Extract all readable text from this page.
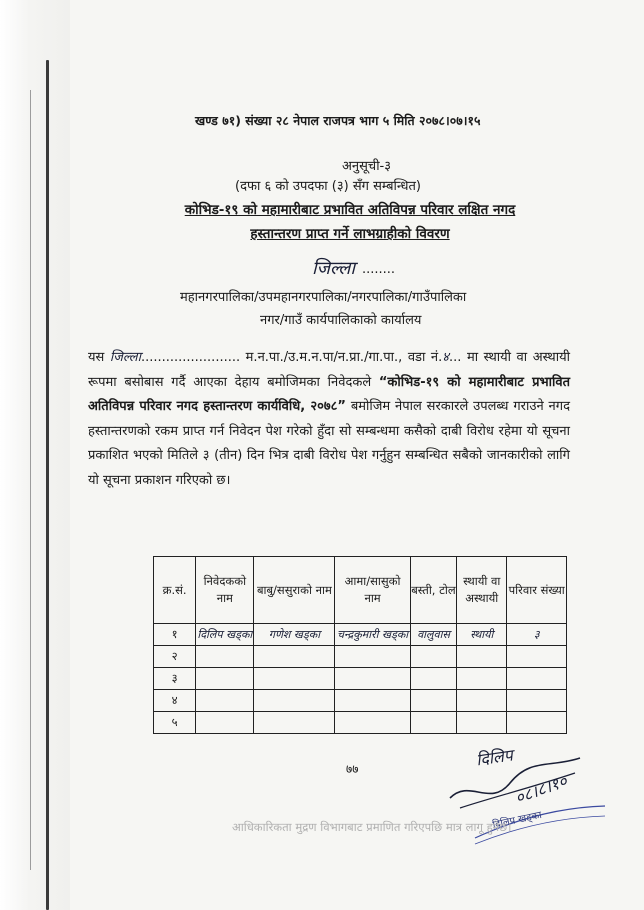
खण्ड ७१) संख्या २८ नेपाल राजपत्र भाग ५ मिति २०७८।०७।१५
अनुसूची-३
(दफा ६ को उपदफा (३) सँग सम्बन्धित)
कोभिड-१९ को महामारीबाट प्रभावित अतिविपन्न परिवार लक्षित नगद
हस्तान्तरण प्राप्त गर्ने लाभग्राहीको विवरण
जिल्ला ........
महानगरपालिका/उपमहानगरपालिका/नगरपालिका/गाउँपालिका
नगर/गाउँ कार्यपालिकाको कार्यालय
यस जिल्ला........................ म.न.पा./उ.म.न.पा/न.प्रा./गा.पा., वडा नं.४... मा स्थायी वा अस्थायी रूपमा बसोबास गर्दै आएका देहाय बमोजिमका निवेदकले “कोभिड-१९ को महामारीबाट प्रभावित अतिविपन्न परिवार नगद हस्तान्तरण कार्यविधि, २०७८” बमोजिम नेपाल सरकारले उपलब्ध गराउने नगद हस्तान्तरणको रकम प्राप्त गर्न निवेदन पेश गरेको हुँदा सो सम्बन्धमा कसैको दाबी विरोध रहेमा यो सूचना प्रकाशित भएको मितिले ३ (तीन) दिन भित्र दाबी विरोध पेश गर्नुहुन सम्बन्धित सबैको जानकारीको लागि यो सूचना प्रकाशन गरिएको छ।
क्र.सं.	निवेदकको नाम	बाबु/ससुराको नाम	आमा/सासुको नाम	बस्ती, टोल	स्थायी वा अस्थायी	परिवार संख्या
१	दिलिप खड्का	गणेश खड्का	चन्द्रकुमारी खड्का	वालुवास	स्थायी	३
२						
३						
४						
५						
७७	दिलिप
०८।८।१०
दिलिप खड्का
आधिकारिकता मुद्रण विभागबाट प्रमाणित गरिएपछि मात्र लागू हुनेछ।
